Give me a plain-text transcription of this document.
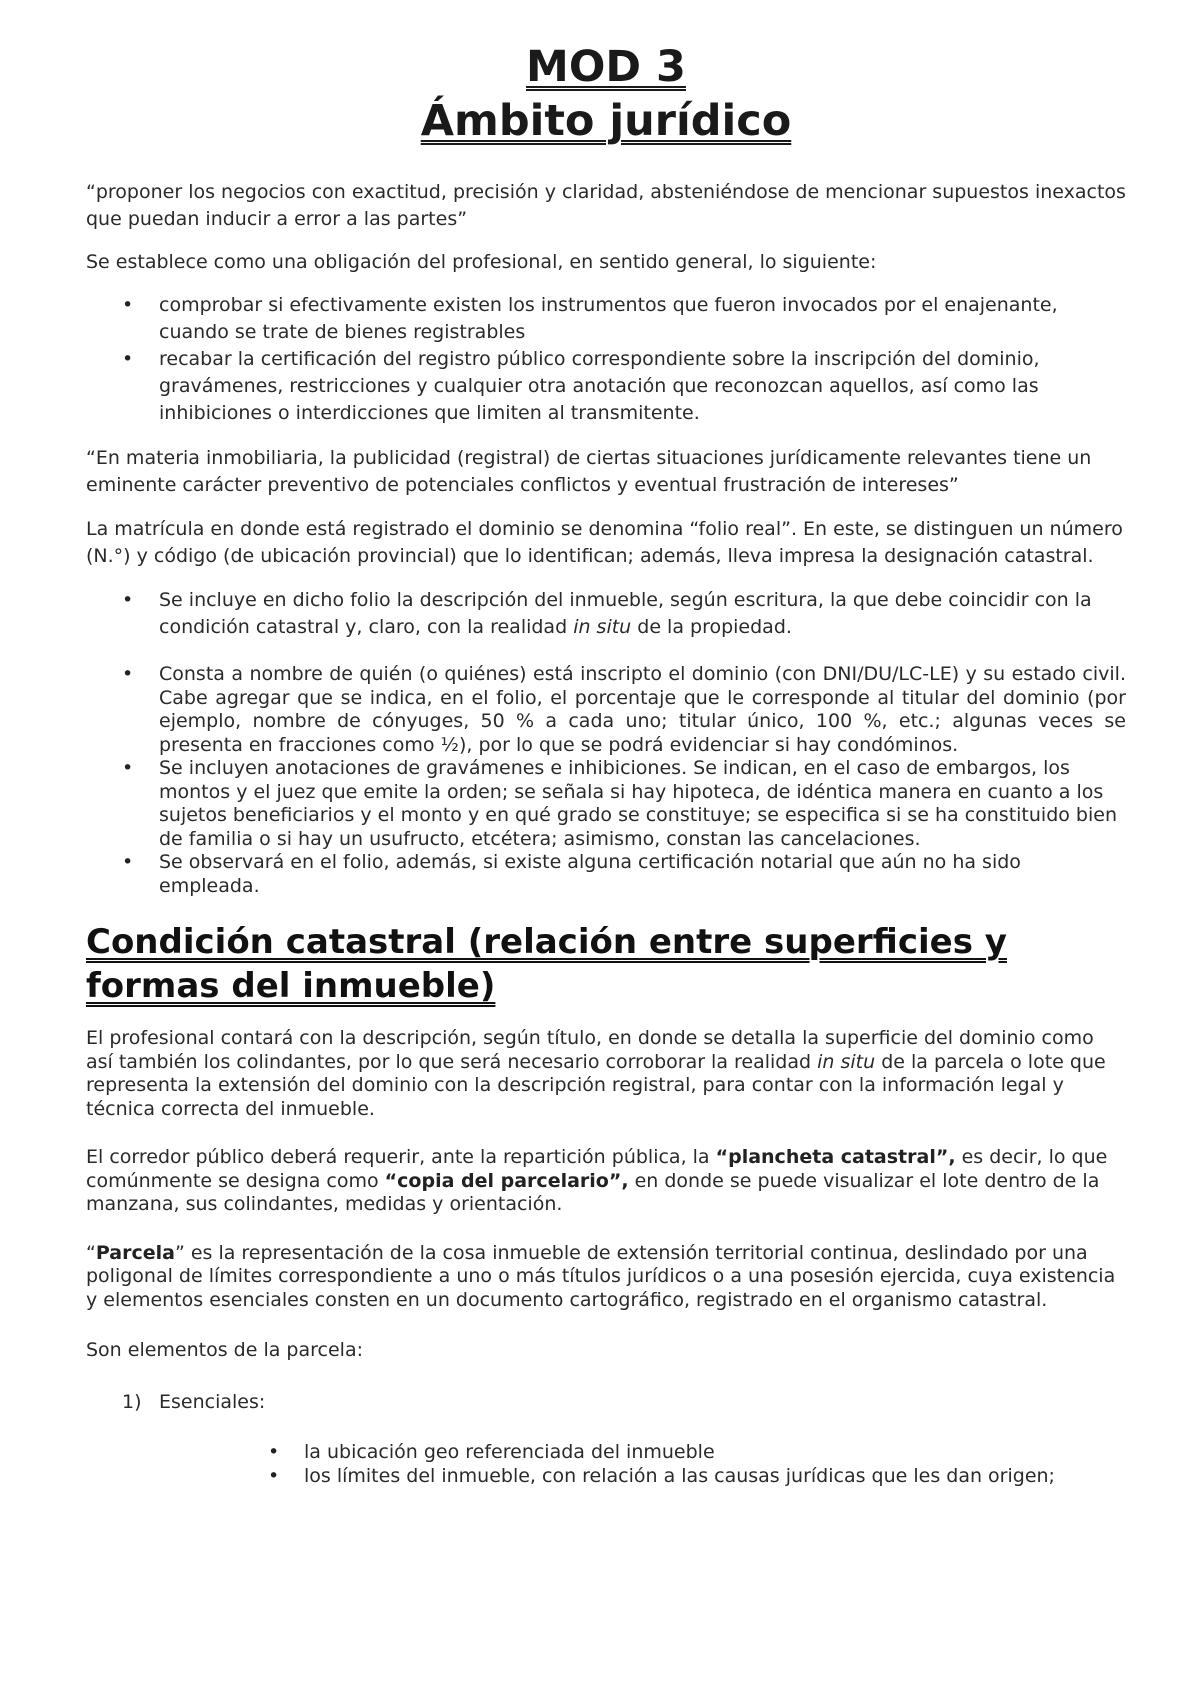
MOD 3
Ámbito jurídico

“proponer los negocios con exactitud, precisión y claridad, absteniéndose de mencionar supuestos inexactos que puedan inducir a error a las partes”

Se establece como una obligación del profesional, en sentido general, lo siguiente:

• comprobar si efectivamente existen los instrumentos que fueron invocados por el enajenante, cuando se trate de bienes registrables
• recabar la certificación del registro público correspondiente sobre la inscripción del dominio, gravámenes, restricciones y cualquier otra anotación que reconozcan aquellos, así como las inhibiciones o interdicciones que limiten al transmitente.

“En materia inmobiliaria, la publicidad (registral) de ciertas situaciones jurídicamente relevantes tiene un eminente carácter preventivo de potenciales conflictos y eventual frustración de intereses”

La matrícula en donde está registrado el dominio se denomina “folio real”. En este, se distinguen un número (N.°) y código (de ubicación provincial) que lo identifican; además, lleva impresa la designación catastral.

• Se incluye en dicho folio la descripción del inmueble, según escritura, la que debe coincidir con la condición catastral y, claro, con la realidad in situ de la propiedad.
• Consta a nombre de quién (o quiénes) está inscripto el dominio (con DNI/DU/LC-LE) y su estado civil. Cabe agregar que se indica, en el folio, el porcentaje que le corresponde al titular del dominio (por ejemplo, nombre de cónyuges, 50 % a cada uno; titular único, 100 %, etc.; algunas veces se presenta en fracciones como ½), por lo que se podrá evidenciar si hay condóminos.
• Se incluyen anotaciones de gravámenes e inhibiciones. Se indican, en el caso de embargos, los montos y el juez que emite la orden; se señala si hay hipoteca, de idéntica manera en cuanto a los sujetos beneficiarios y el monto y en qué grado se constituye; se especifica si se ha constituido bien de familia o si hay un usufructo, etcétera; asimismo, constan las cancelaciones.
• Se observará en el folio, además, si existe alguna certificación notarial que aún no ha sido empleada.
Condición catastral (relación entre superficies y formas del inmueble)

El profesional contará con la descripción, según título, en donde se detalla la superficie del dominio como así también los colindantes, por lo que será necesario corroborar la realidad in situ de la parcela o lote que representa la extensión del dominio con la descripción registral, para contar con la información legal y técnica correcta del inmueble.

El corredor público deberá requerir, ante la repartición pública, la “plancheta catastral”, es decir, lo que comúnmente se designa como “copia del parcelario”, en donde se puede visualizar el lote dentro de la manzana, sus colindantes, medidas y orientación.

“Parcela” es la representación de la cosa inmueble de extensión territorial continua, deslindado por una poligonal de límites correspondiente a uno o más títulos jurídicos o a una posesión ejercida, cuya existencia y elementos esenciales consten en un documento cartográfico, registrado en el organismo catastral.

Son elementos de la parcela:

1) Esenciales:
• la ubicación geo referenciada del inmueble
• los límites del inmueble, con relación a las causas jurídicas que les dan origen;
